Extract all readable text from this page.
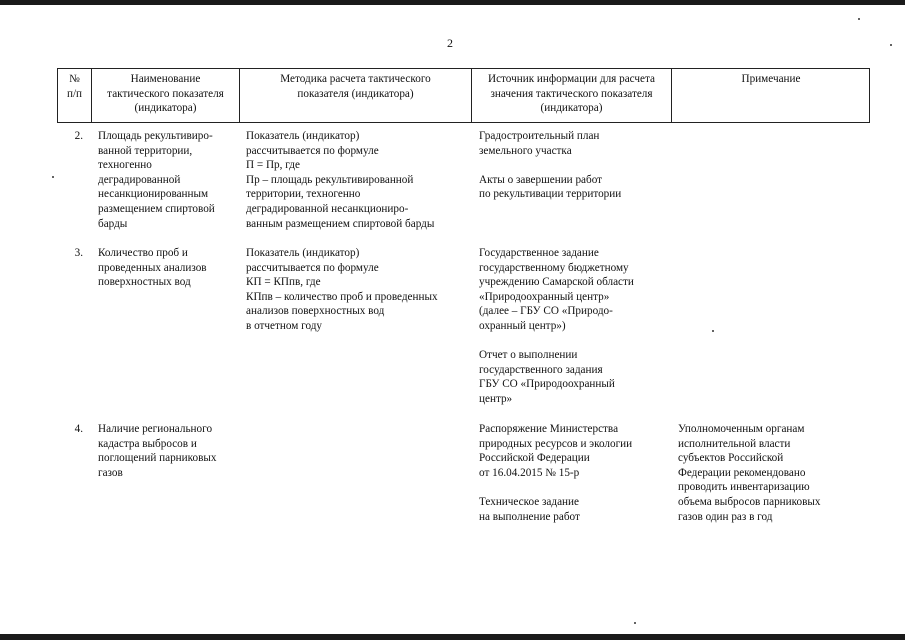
2
№
п/п
Наименование
тактического показателя
(индикатора)
Методика расчета тактического
показателя (индикатора)
Источник информации для расчета
значения тактического показателя
(индикатора)
Примечание
2. Площадь рекультивиро-
ванной территории,
техногенно
деградированной
несанкционированным
размещением спиртовой
барды
Показатель (индикатор)
рассчитывается по формуле
П = Пр, где
Пр – площадь рекультивированной
территории, техногенно
деградированной несанкциониро-
ванным размещением спиртовой барды
Градостроительный план
земельного участка

Акты о завершении работ
по рекультивации территории
3. Количество проб и
проведенных анализов
поверхностных вод
Показатель (индикатор)
рассчитывается по формуле
КП = КПпв, где
КПпв – количество проб и проведенных
анализов поверхностных вод
в отчетном году
Государственное задание
государственному бюджетному
учреждению Самарской области
«Природоохранный центр»
(далее – ГБУ СО «Природо-
охранный центр»)

Отчет о выполнении
государственного задания
ГБУ СО «Природоохранный
центр»
4. Наличие регионального
кадастра выбросов и
поглощений парниковых
газов
Распоряжение Министерства
природных ресурсов и экологии
Российской Федерации
от 16.04.2015 № 15-р

Техническое задание
на выполнение работ
Уполномоченным органам
исполнительной власти
субъектов Российской
Федерации рекомендовано
проводить инвентаризацию
объема выбросов парниковых
газов один раз в год
